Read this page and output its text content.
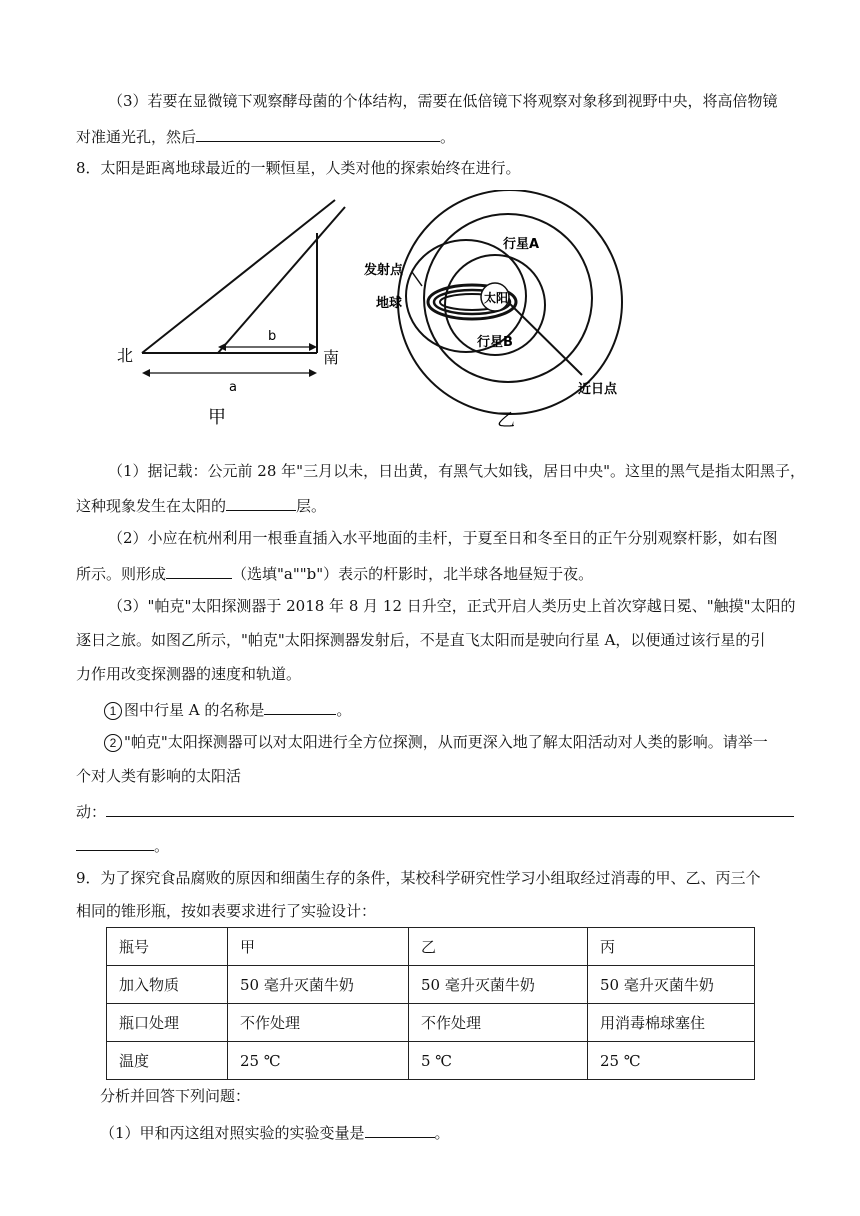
（3）若要在显微镜下观察酵母菌的个体结构，需要在低倍镜下将观察对象移到视野中央，将高倍物镜
对准通光孔，然后	。
8．太阳是距离地球最近的一颗恒星，人类对他的探索始终在进行。
北	南
b
a
甲
行星A
发射点
地球	太阳
行星B
近日点
乙
（1）据记载：公元前 28 年"三月以未，日出黄，有黑气大如钱，居日中央"。这里的黑气是指太阳黑子，
这种现象发生在太阳的	层。
（2）小应在杭州利用一根垂直插入水平地面的圭杆，于夏至日和冬至日的正午分别观察杆影，如右图
所示。则形成	（选填"a""b"）表示的杆影时，北半球各地昼短于夜。
（3）"帕克"太阳探测器于 2018 年 8 月 12 日升空，正式开启人类历史上首次穿越日冕、"触摸"太阳的
逐日之旅。如图乙所示，"帕克"太阳探测器发射后，不是直飞太阳而是驶向行星 A，以便通过该行星的引
力作用改变探测器的速度和轨道。
1 图中行星 A 的名称是	。
2 "帕克"太阳探测器可以对太阳进行全方位探测，从而更深入地了解太阳活动对人类的影响。请举一
个对人类有影响的太阳活
动：
。
9．为了探究食品腐败的原因和细菌生存的条件，某校科学研究性学习小组取经过消毒的甲、乙、丙三个
相同的锥形瓶，按如表要求进行了实验设计：
瓶号	甲	乙	丙
加入物质	50 毫升灭菌牛奶	50 毫升灭菌牛奶	50 毫升灭菌牛奶
瓶口处理	不作处理	不作处理	用消毒棉球塞住
温度	25 ℃	5 ℃	25 ℃
分析并回答下列问题：
（1）甲和丙这组对照实验的实验变量是	。
